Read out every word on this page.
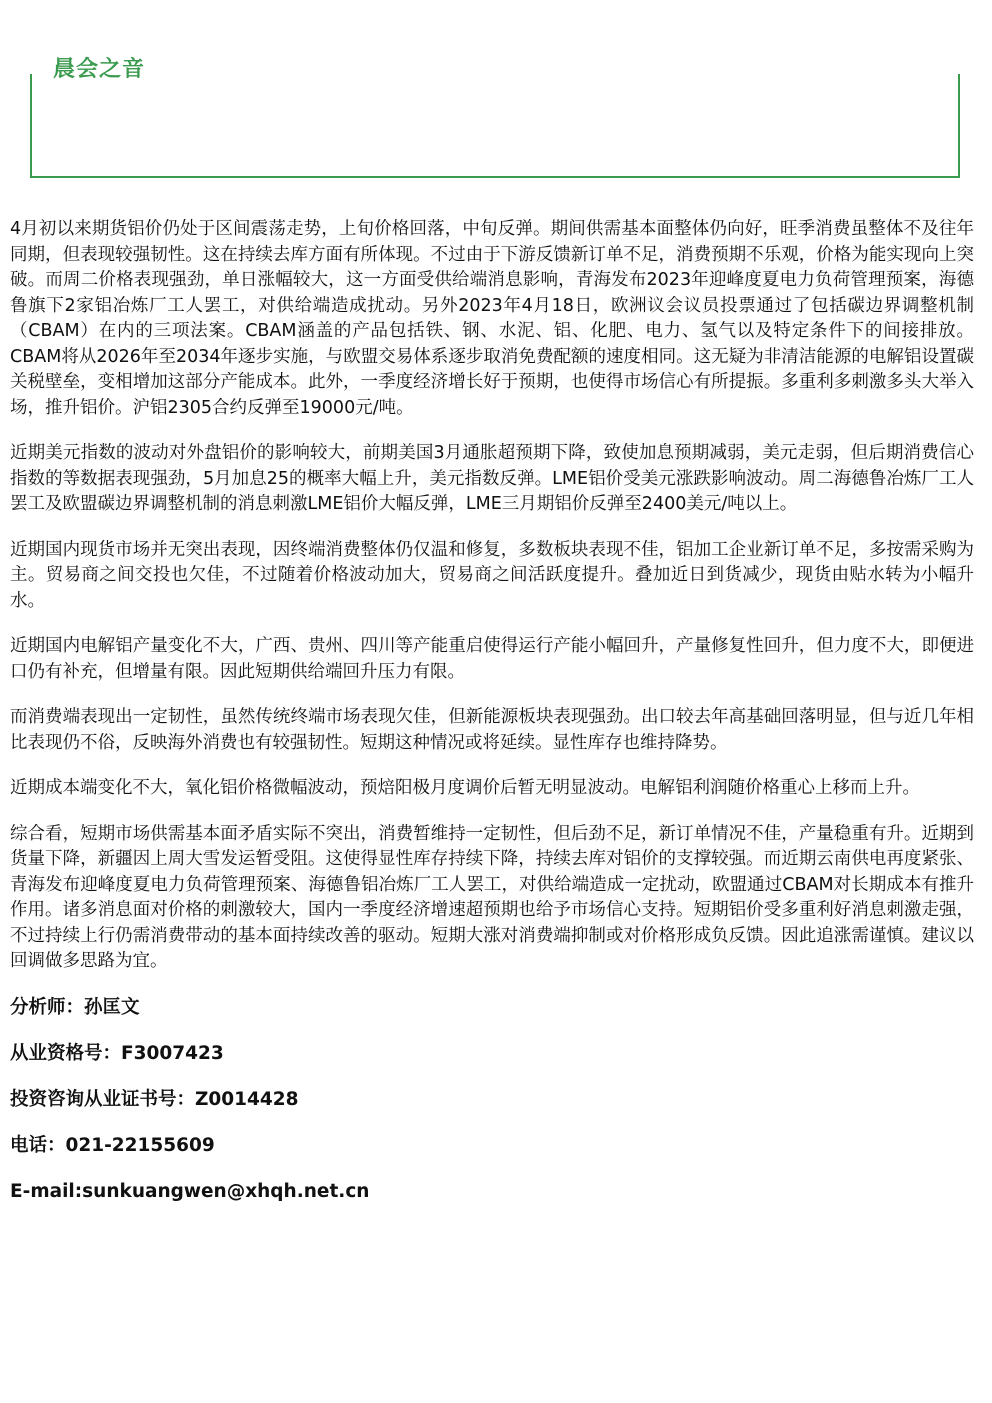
晨会之音

4月初以来期货铝价仍处于区间震荡走势，上旬价格回落，中旬反弹。期间供需基本面整体仍向好，旺季消费虽整体不及往年同期，但表现较强韧性。这在持续去库方面有所体现。不过由于下游反馈新订单不足，消费预期不乐观，价格为能实现向上突破。而周二价格表现强劲，单日涨幅较大，这一方面受供给端消息影响，青海发布2023年迎峰度夏电力负荷管理预案，海德鲁旗下2家铝冶炼厂工人罢工，对供给端造成扰动。另外2023年4月18日，欧洲议会议员投票通过了包括碳边界调整机制（CBAM）在内的三项法案。CBAM涵盖的产品包括铁、钢、水泥、铝、化肥、电力、氢气以及特定条件下的间接排放。CBAM将从2026年至2034年逐步实施，与欧盟交易体系逐步取消免费配额的速度相同。这无疑为非清洁能源的电解铝设置碳关税壁垒，变相增加这部分产能成本。此外，一季度经济增长好于预期，也使得市场信心有所提振。多重利多刺激多头大举入场，推升铝价。沪铝2305合约反弹至19000元/吨。

近期美元指数的波动对外盘铝价的影响较大，前期美国3月通胀超预期下降，致使加息预期减弱，美元走弱，但后期消费信心指数的等数据表现强劲，5月加息25的概率大幅上升，美元指数反弹。LME铝价受美元涨跌影响波动。周二海德鲁冶炼厂工人罢工及欧盟碳边界调整机制的消息刺激LME铝价大幅反弹，LME三月期铝价反弹至2400美元/吨以上。

近期国内现货市场并无突出表现，因终端消费整体仍仅温和修复，多数板块表现不佳，铝加工企业新订单不足，多按需采购为主。贸易商之间交投也欠佳，不过随着价格波动加大，贸易商之间活跃度提升。叠加近日到货减少，现货由贴水转为小幅升水。

近期国内电解铝产量变化不大，广西、贵州、四川等产能重启使得运行产能小幅回升，产量修复性回升，但力度不大，即便进口仍有补充，但增量有限。因此短期供给端回升压力有限。

而消费端表现出一定韧性，虽然传统终端市场表现欠佳，但新能源板块表现强劲。出口较去年高基础回落明显，但与近几年相比表现仍不俗，反映海外消费也有较强韧性。短期这种情况或将延续。显性库存也维持降势。

近期成本端变化不大，氧化铝价格微幅波动，预焙阳极月度调价后暂无明显波动。电解铝利润随价格重心上移而上升。

综合看，短期市场供需基本面矛盾实际不突出，消费暂维持一定韧性，但后劲不足，新订单情况不佳，产量稳重有升。近期到货量下降，新疆因上周大雪发运暂受阻。这使得显性库存持续下降，持续去库对铝价的支撑较强。而近期云南供电再度紧张、青海发布迎峰度夏电力负荷管理预案、海德鲁铝冶炼厂工人罢工，对供给端造成一定扰动，欧盟通过CBAM对长期成本有推升作用。诸多消息面对价格的刺激较大，国内一季度经济增速超预期也给予市场信心支持。短期铝价受多重利好消息刺激走强，不过持续上行仍需消费带动的基本面持续改善的驱动。短期大涨对消费端抑制或对价格形成负反馈。因此追涨需谨慎。建议以回调做多思路为宜。

分析师：孙匡文
从业资格号：F3007423
投资咨询从业证书号：Z0014428
电话：021-22155609
E-mail:sunkuangwen@xhqh.net.cn
